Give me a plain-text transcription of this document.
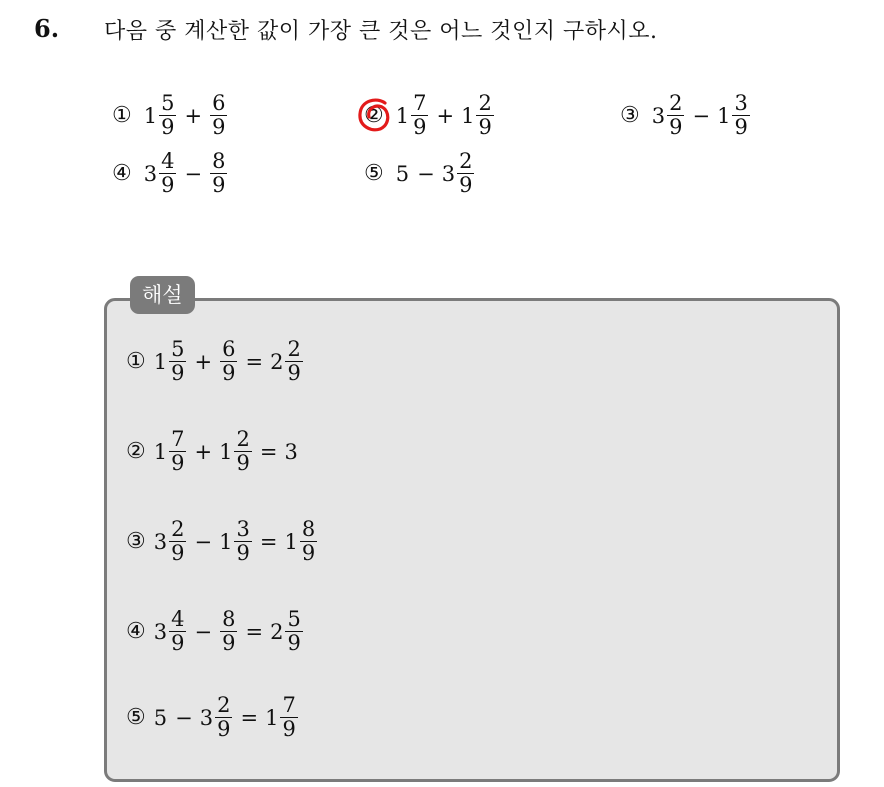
6. 다음 중 계산한 값이 가장 큰 것은 어느 것인지 구하시오.
① $1 \frac{5}{9} + \frac{6}{9}$	② $1 \frac{7}{9} + 1 \frac{2}{9}$	③ $3 \frac{2}{9} - 1 \frac{3}{9}$
④ $3 \frac{4}{9} - \frac{8}{9}$	⑤ $5 - 3 \frac{2}{9}$
해설
① $1 \frac{5}{9} + \frac{6}{9} = 2 \frac{2}{9}$
② $1 \frac{7}{9} + 1 \frac{2}{9} = 3$
③ $3 \frac{2}{9} - 1 \frac{3}{9} = 1 \frac{8}{9}$
④ $3 \frac{4}{9} - \frac{8}{9} = 2 \frac{5}{9}$
⑤ $5 - 3 \frac{2}{9} = 1 \frac{7}{9}$
